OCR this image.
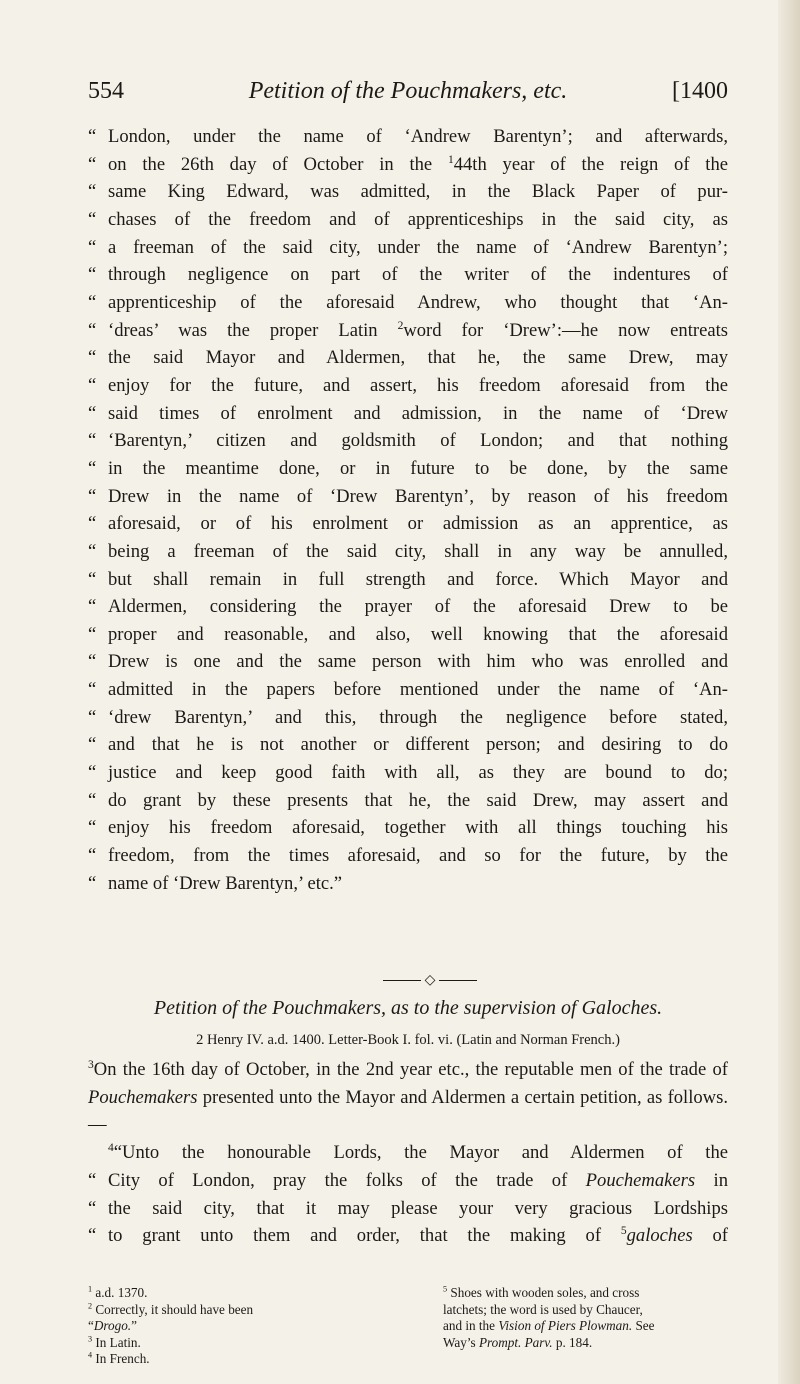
554	Petition of the Pouchmakers, etc.	[1400
“ London, under the name of ‘Andrew Barentyn’; and afterwards,
“ on the 26th day of October in the $^1$44th year of the reign of the
“ same King Edward, was admitted, in the Black Paper of pur-
“ chases of the freedom and of apprenticeships in the said city, as
“ a freeman of the said city, under the name of ‘Andrew Barentyn’;
“ through negligence on part of the writer of the indentures of
“ apprenticeship of the aforesaid Andrew, who thought that ‘An-
“ ‘dreas’ was the proper Latin $^2$word for ‘Drew’:—he now entreats
“ the said Mayor and Aldermen, that he, the same Drew, may
“ enjoy for the future, and assert, his freedom aforesaid from the
“ said times of enrolment and admission, in the name of ‘Drew
“ ‘Barentyn,’ citizen and goldsmith of London; and that nothing
“ in the meantime done, or in future to be done, by the same
“ Drew in the name of ‘Drew Barentyn’, by reason of his freedom
“ aforesaid, or of his enrolment or admission as an apprentice, as
“ being a freeman of the said city, shall in any way be annulled,
“ but shall remain in full strength and force. Which Mayor and
“ Aldermen, considering the prayer of the aforesaid Drew to be
“ proper and reasonable, and also, well knowing that the aforesaid
“ Drew is one and the same person with him who was enrolled and
“ admitted in the papers before mentioned under the name of ‘An-
“ ‘drew Barentyn,’ and this, through the negligence before stated,
“ and that he is not another or different person; and desiring to do
“ justice and keep good faith with all, as they are bound to do;
“ do grant by these presents that he, the said Drew, may assert and
“ enjoy his freedom aforesaid, together with all things touching his
“ freedom, from the times aforesaid, and so for the future, by the
“ name of ‘Drew Barentyn,’ etc.”
◇
Petition of the Pouchmakers, as to the supervision of Galoches.
2 Henry IV. a.d. 1400. Letter-Book I. fol. vi. (Latin and Norman French.)
$^3$On the 16th day of October, in the 2nd year etc., the reputable men of the trade of Pouchemakers presented unto the Mayor and Aldermen a certain petition, as follows.—
$^4$“Unto the honourable Lords, the Mayor and Aldermen of the
“ City of London, pray the folks of the trade of Pouchemakers in
“ the said city, that it may please your very gracious Lordships
“ to grant unto them and order, that the making of $^5$galoches of
$^1$ a.d. 1370.
$^2$ Correctly, it should have been
“Drogo.”
$^3$ In Latin.
$^4$ In French.
$^5$ Shoes with wooden soles, and cross
latchets; the word is used by Chaucer,
and in the Vision of Piers Plowman. See
Way’s Prompt. Parv. p. 184.
